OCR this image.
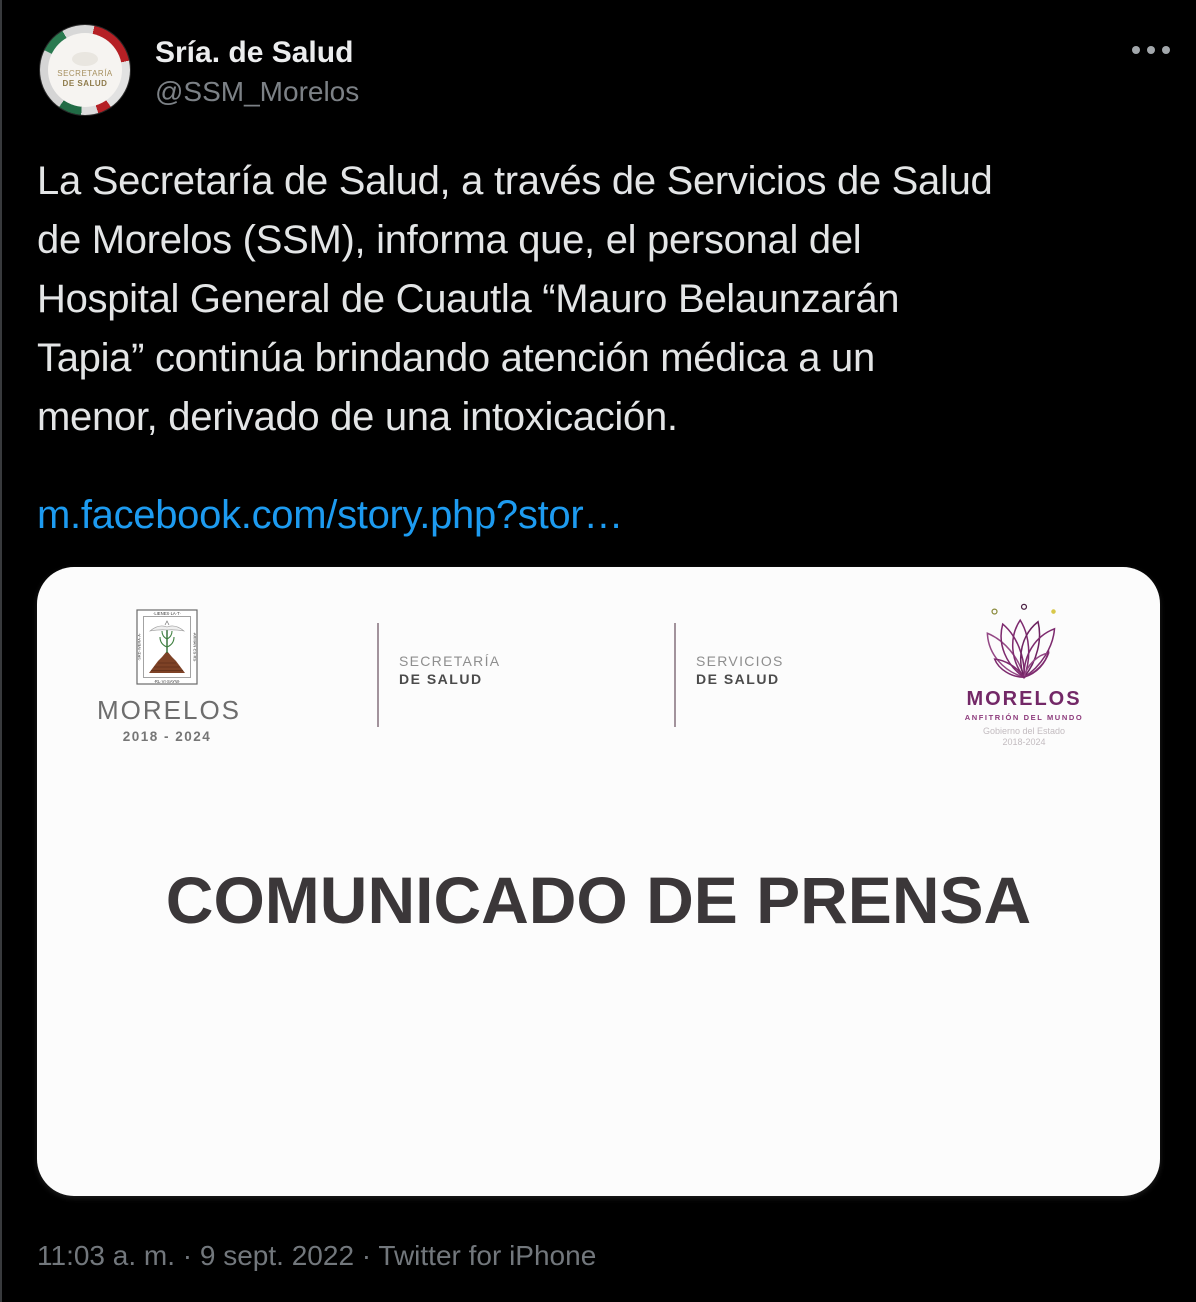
SECRETARÍA
DE SALUD
Sría. de Salud
@SSM_Morelos
La Secretaría de Salud, a través de Servicios de Salud
de Morelos (SSM), informa que, el personal del
Hospital General de Cuautla “Mauro Belaunzarán
Tapia” continúa brindando atención médica a un
menor, derivado de una intoxicación.
m.facebook.com/story.php?stor…
·LIENES·LA·T·
·RL·VI·SAYW·
·SRD·WERA·A·	·ARMAN·CS·RS·
MORELOS
2018 - 2024
SECRETARÍA
DE SALUD
SERVICIOS
DE SALUD
MORELOS
ANFITRIÓN DEL MUNDO
Gobierno del Estado
2018-2024
COMUNICADO DE PRENSA
11:03 a. m. · 9 sept. 2022 · Twitter for iPhone
